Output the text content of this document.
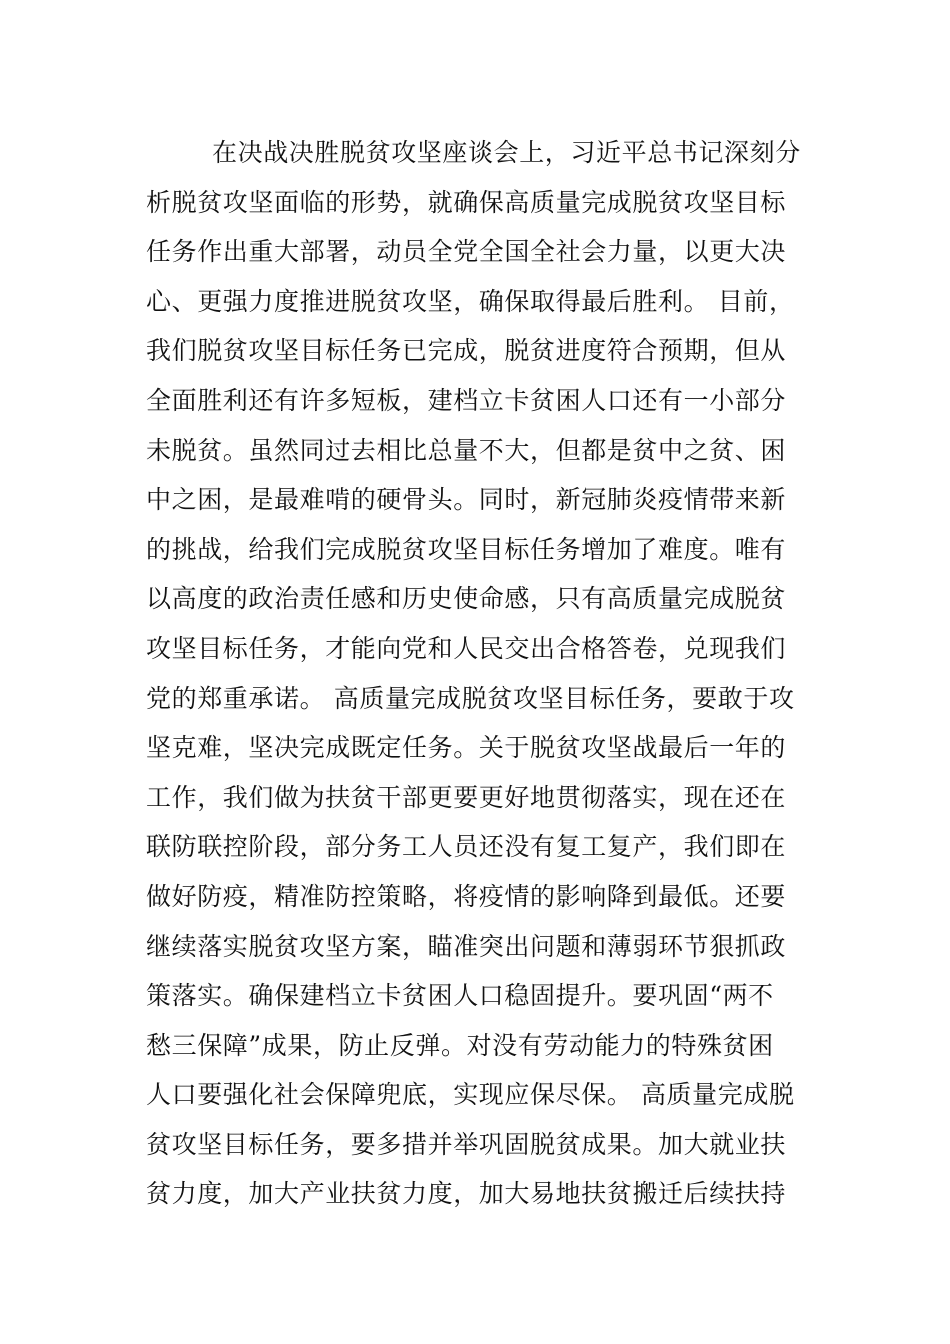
在决战决胜脱贫攻坚座谈会上，习近平总书记深刻分
析脱贫攻坚面临的形势，就确保高质量完成脱贫攻坚目标
任务作出重大部署，动员全党全国全社会力量，以更大决
心、更强力度推进脱贫攻坚，确保取得最后胜利。 目前，
我们脱贫攻坚目标任务已完成，脱贫进度符合预期，但从
全面胜利还有许多短板，建档立卡贫困人口还有一小部分
未脱贫。虽然同过去相比总量不大，但都是贫中之贫、困
中之困，是最难啃的硬骨头。同时，新冠肺炎疫情带来新
的挑战，给我们完成脱贫攻坚目标任务增加了难度。唯有
以高度的政治责任感和历史使命感，只有高质量完成脱贫
攻坚目标任务，才能向党和人民交出合格答卷，兑现我们
党的郑重承诺。 高质量完成脱贫攻坚目标任务，要敢于攻
坚克难，坚决完成既定任务。关于脱贫攻坚战最后一年的
工作，我们做为扶贫干部更要更好地贯彻落实，现在还在
联防联控阶段，部分务工人员还没有复工复产，我们即在
做好防疫，精准防控策略，将疫情的影响降到最低。还要
继续落实脱贫攻坚方案，瞄准突出问题和薄弱环节狠抓政
策落实。确保建档立卡贫困人口稳固提升。要巩固“两不
愁三保障”成果，防止反弹。对没有劳动能力的特殊贫困
人口要强化社会保障兜底，实现应保尽保。 高质量完成脱
贫攻坚目标任务，要多措并举巩固脱贫成果。加大就业扶
贫力度，加大产业扶贫力度，加大易地扶贫搬迁后续扶持
